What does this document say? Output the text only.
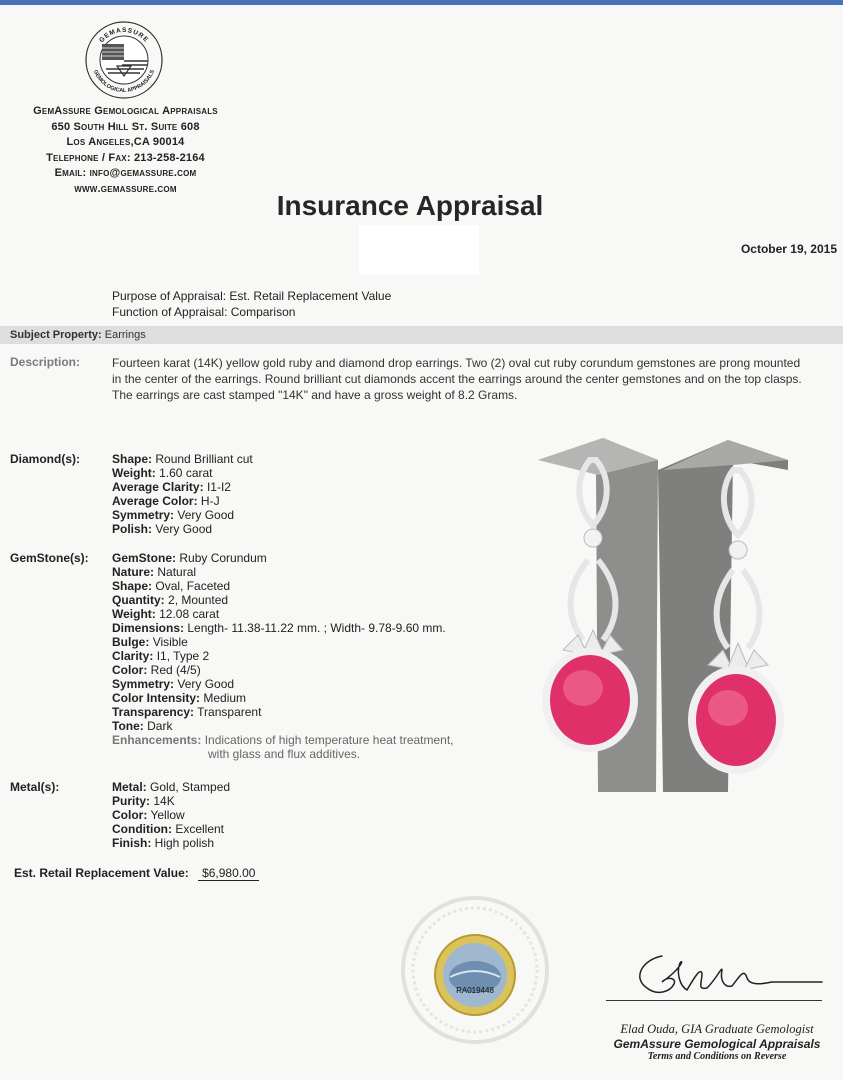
GEMASSURE
GEMOLOGICAL APPRAISALS
GemAssure Gemological Appraisals
650 South Hill St. Suite 608
Los Angeles,CA 90014
Telephone / Fax: 213-258-2164
Email: info@gemassure.com
www.gemassure.com
Insurance Appraisal
October 19, 2015
Purpose of Appraisal: Est. Retail Replacement Value
Function of Appraisal: Comparison
Subject Property: Earrings
Description:	Fourteen karat (14K) yellow gold ruby and diamond drop earrings. Two (2) oval cut ruby corundum gemstones are prong mounted in the center of the earrings. Round brilliant cut diamonds accent the earrings around the center gemstones and on the top clasps. The earrings are cast stamped "14K" and have a gross weight of 8.2 Grams.
Diamond(s):	Shape: Round Brilliant cut
Weight: 1.60 carat
Average Clarity: I1-I2
Average Color: H-J
Symmetry: Very Good
Polish: Very Good
GemStone(s): GemStone: Ruby Corundum
Nature: Natural
Shape: Oval, Faceted
Quantity: 2, Mounted
Weight: 12.08 carat
Dimensions: Length- 11.38-11.22 mm. ; Width- 9.78-9.60 mm.
Bulge: Visible
Clarity: I1, Type 2
Color: Red (4/5)
Symmetry: Very Good
Color Intensity: Medium
Transparency: Transparent
Tone: Dark
Enhancements: Indications of high temperature heat treatment,
with glass and flux additives.
Metal(s):	Metal: Gold, Stamped
Purity: 14K
Color: Yellow
Condition: Excellent
Finish: High polish
Est. Retail Replacement Value: $6,980.00
RA019448
Elad Ouda, GIA Graduate Gemologist
GemAssure Gemological Appraisals
Terms and Conditions on Reverse
